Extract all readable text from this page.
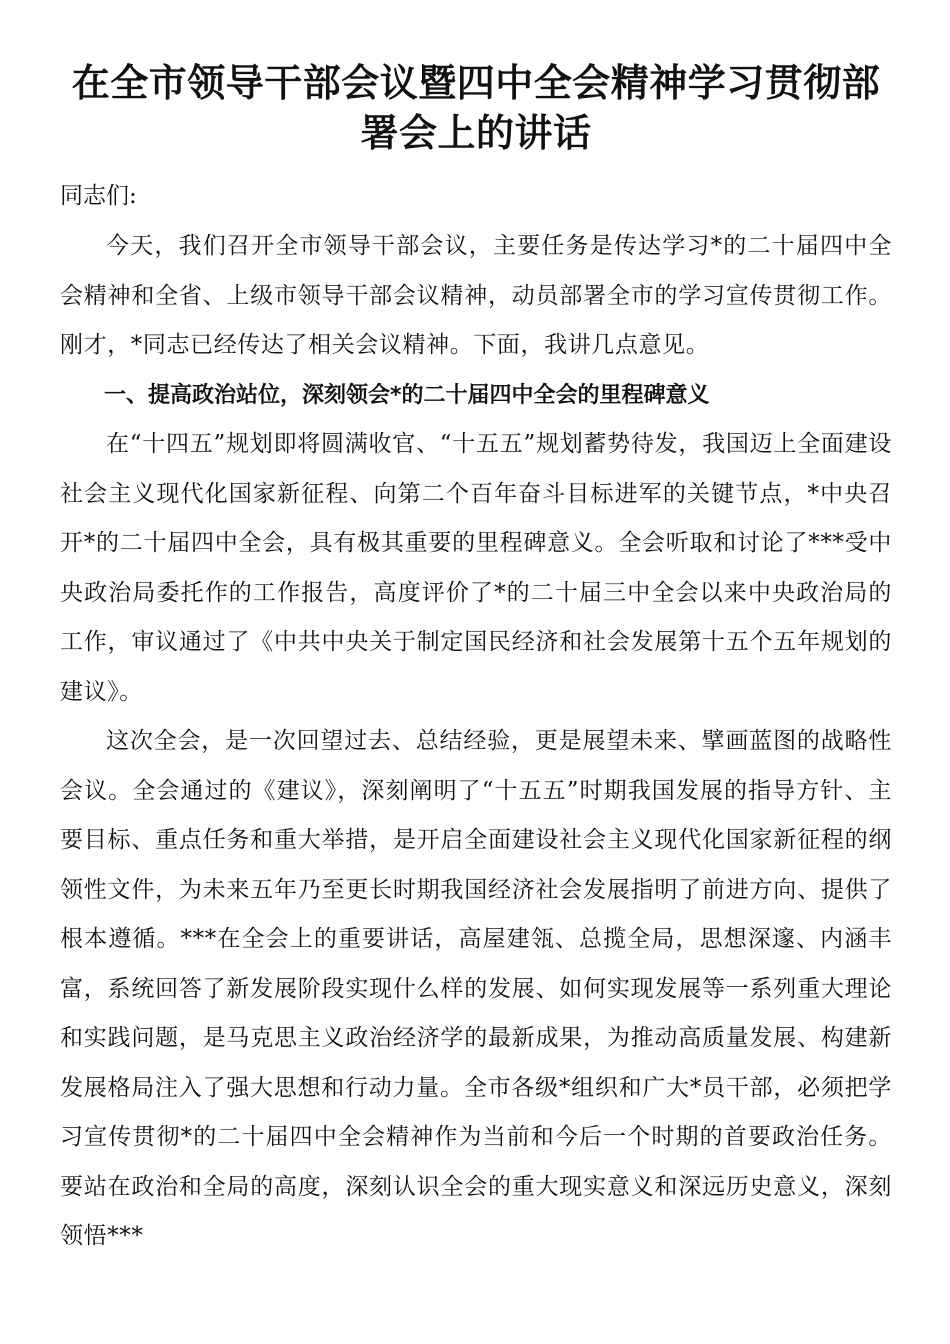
在全市领导干部会议暨四中全会精神学习贯彻部署会上的讲话

同志们:

今天，我们召开全市领导干部会议，主要任务是传达学习*的二十届四中全会精神和全省、上级市领导干部会议精神，动员部署全市的学习宣传贯彻工作。刚才，*同志已经传达了相关会议精神。下面，我讲几点意见。

一、提高政治站位，深刻领会*的二十届四中全会的里程碑意义

在“十四五”规划即将圆满收官、“十五五”规划蓄势待发，我国迈上全面建设社会主义现代化国家新征程、向第二个百年奋斗目标进军的关键节点，*中央召开*的二十届四中全会，具有极其重要的里程碑意义。全会听取和讨论了***受中央政治局委托作的工作报告，高度评价了*的二十届三中全会以来中央政治局的工作，审议通过了《中共中央关于制定国民经济和社会发展第十五个五年规划的建议》。

这次全会，是一次回望过去、总结经验，更是展望未来、擘画蓝图的战略性会议。全会通过的《建议》，深刻阐明了“十五五”时期我国发展的指导方针、主要目标、重点任务和重大举措，是开启全面建设社会主义现代化国家新征程的纲领性文件，为未来五年乃至更长时期我国经济社会发展指明了前进方向、提供了根本遵循。***在全会上的重要讲话，高屋建瓴、总揽全局，思想深邃、内涵丰富，系统回答了新发展阶段实现什么样的发展、如何实现发展等一系列重大理论和实践问题，是马克思主义政治经济学的最新成果，为推动高质量发展、构建新发展格局注入了强大思想和行动力量。全市各级*组织和广大*员干部，必须把学习宣传贯彻*的二十届四中全会精神作为当前和今后一个时期的首要政治任务。要站在政治和全局的高度，深刻认识全会的重大现实意义和深远历史意义，深刻领悟***
